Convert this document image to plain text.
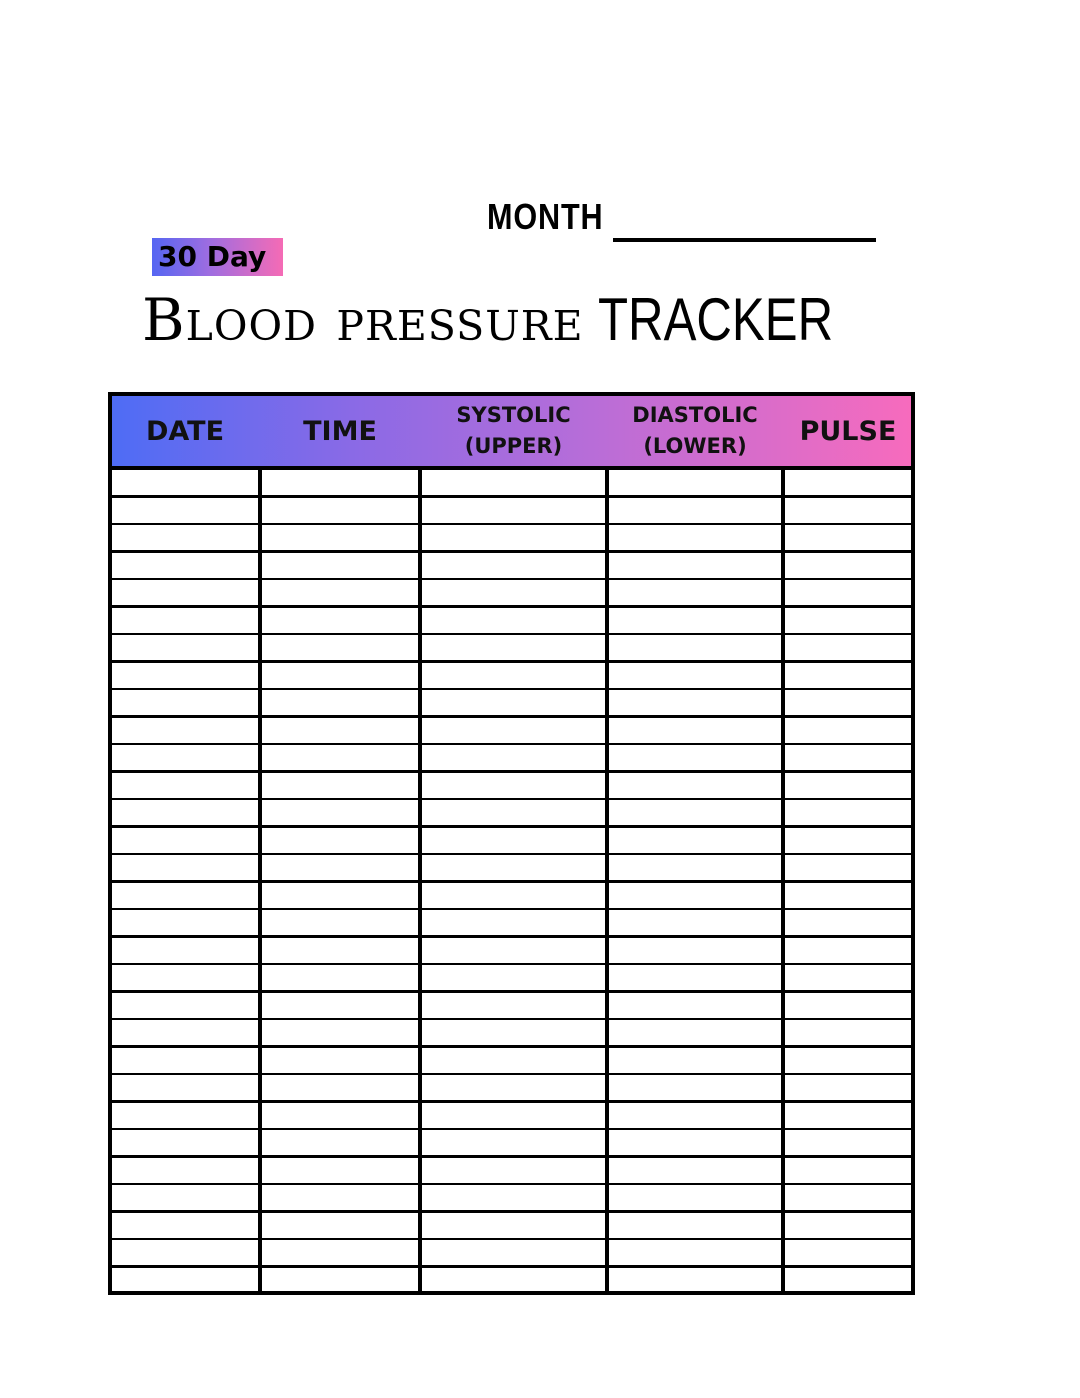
MONTH
30 Day
Blood pressure TRACKER
DATE	TIME
SYSTOLIC
(UPPER)
DIASTOLIC
(LOWER) PULSE
